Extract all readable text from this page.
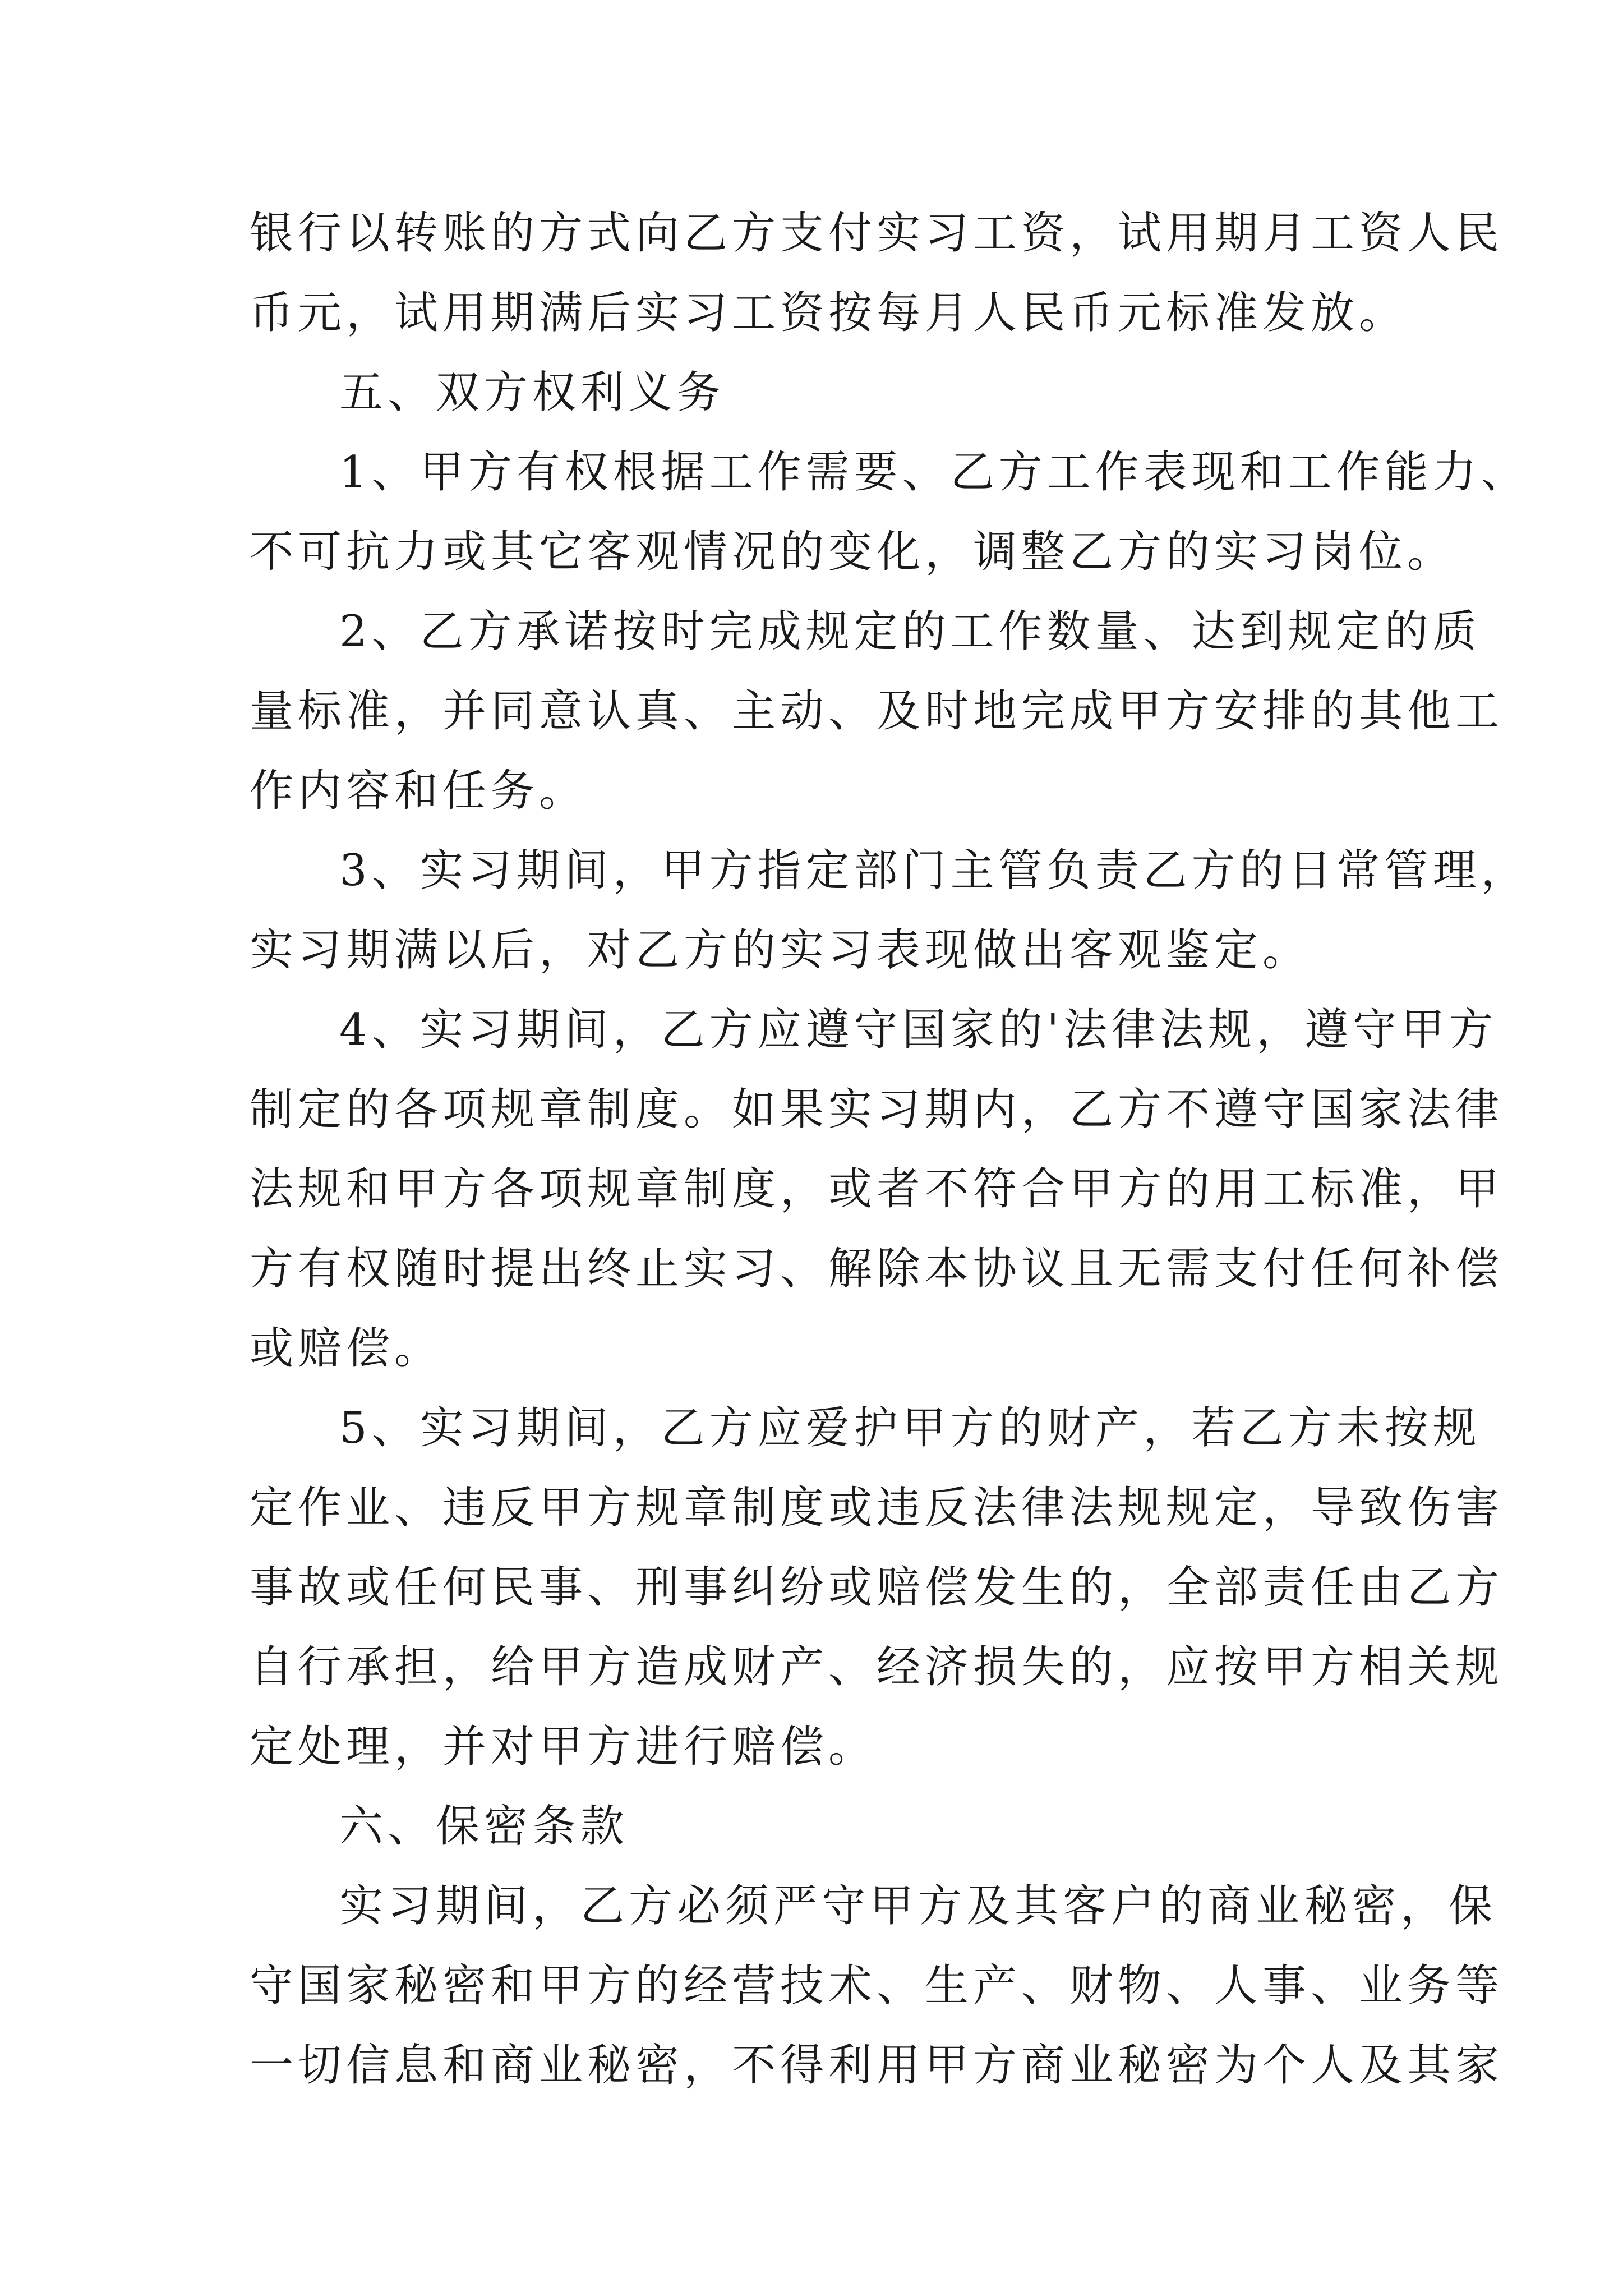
银行以转账的方式向乙方支付实习工资，试用期月工资人民
币元，试用期满后实习工资按每月人民币元标准发放。

五、双方权利义务

1、甲方有权根据工作需要、乙方工作表现和工作能力、
不可抗力或其它客观情况的变化，调整乙方的实习岗位。

2、乙方承诺按时完成规定的工作数量、达到规定的质
量标准，并同意认真、主动、及时地完成甲方安排的其他工
作内容和任务。

3、实习期间，甲方指定部门主管负责乙方的日常管理，
实习期满以后，对乙方的实习表现做出客观鉴定。

4、实习期间，乙方应遵守国家的'法律法规，遵守甲方
制定的各项规章制度。如果实习期内，乙方不遵守国家法律
法规和甲方各项规章制度，或者不符合甲方的用工标准，甲
方有权随时提出终止实习、解除本协议且无需支付任何补偿
或赔偿。

5、实习期间，乙方应爱护甲方的财产，若乙方未按规
定作业、违反甲方规章制度或违反法律法规规定，导致伤害
事故或任何民事、刑事纠纷或赔偿发生的，全部责任由乙方
自行承担，给甲方造成财产、经济损失的，应按甲方相关规
定处理，并对甲方进行赔偿。

六、保密条款

实习期间，乙方必须严守甲方及其客户的商业秘密，保
守国家秘密和甲方的经营技术、生产、财物、人事、业务等
一切信息和商业秘密，不得利用甲方商业秘密为个人及其家
